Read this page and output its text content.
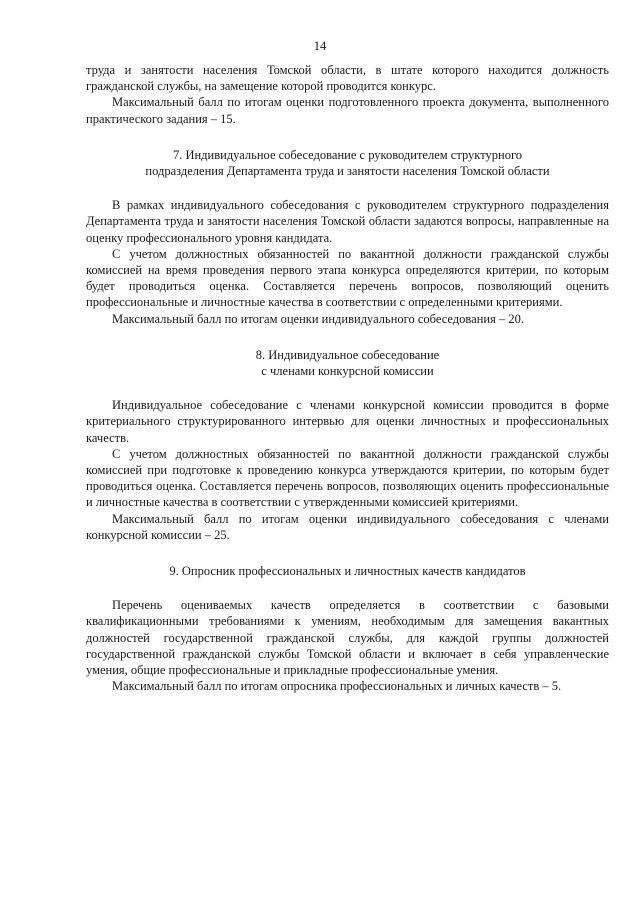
14

труда и занятости населения Томской области, в штате которого находится должность гражданской службы, на замещение которой проводится конкурс.

Максимальный балл по итогам оценки подготовленного проекта документа, выполненного практического задания – 15.

7. Индивидуальное собеседование с руководителем структурного
подразделения Департамента труда и занятости населения Томской области

В рамках индивидуального собеседования с руководителем структурного подразделения Департамента труда и занятости населения Томской области задаются вопросы, направленные на оценку профессионального уровня кандидата.

С учетом должностных обязанностей по вакантной должности гражданской службы комиссией на время проведения первого этапа конкурса определяются критерии, по которым будет проводиться оценка. Составляется перечень вопросов, позволяющий оценить профессиональные и личностные качества в соответствии с определенными критериями.

Максимальный балл по итогам оценки индивидуального собеседования – 20.

8. Индивидуальное собеседование
с членами конкурсной комиссии

Индивидуальное собеседование с членами конкурсной комиссии проводится в форме критериального структурированного интервью для оценки личностных и профессиональных качеств.

С учетом должностных обязанностей по вакантной должности гражданской службы комиссией при подготовке к проведению конкурса утверждаются критерии, по которым будет проводиться оценка. Составляется перечень вопросов, позволяющих оценить профессиональные и личностные качества в соответствии с утвержденными комиссией критериями.

Максимальный балл по итогам оценки индивидуального собеседования с членами конкурсной комиссии – 25.

9. Опросник профессиональных и личностных качеств кандидатов

Перечень оцениваемых качеств определяется в соответствии с базовыми квалификационными требованиями к умениям, необходимым для замещения вакантных должностей государственной гражданской службы, для каждой группы должностей государственной гражданской службы Томской области и включает в себя управленческие умения, общие профессиональные и прикладные профессиональные умения.

Максимальный балл по итогам опросника профессиональных и личных качеств – 5.
